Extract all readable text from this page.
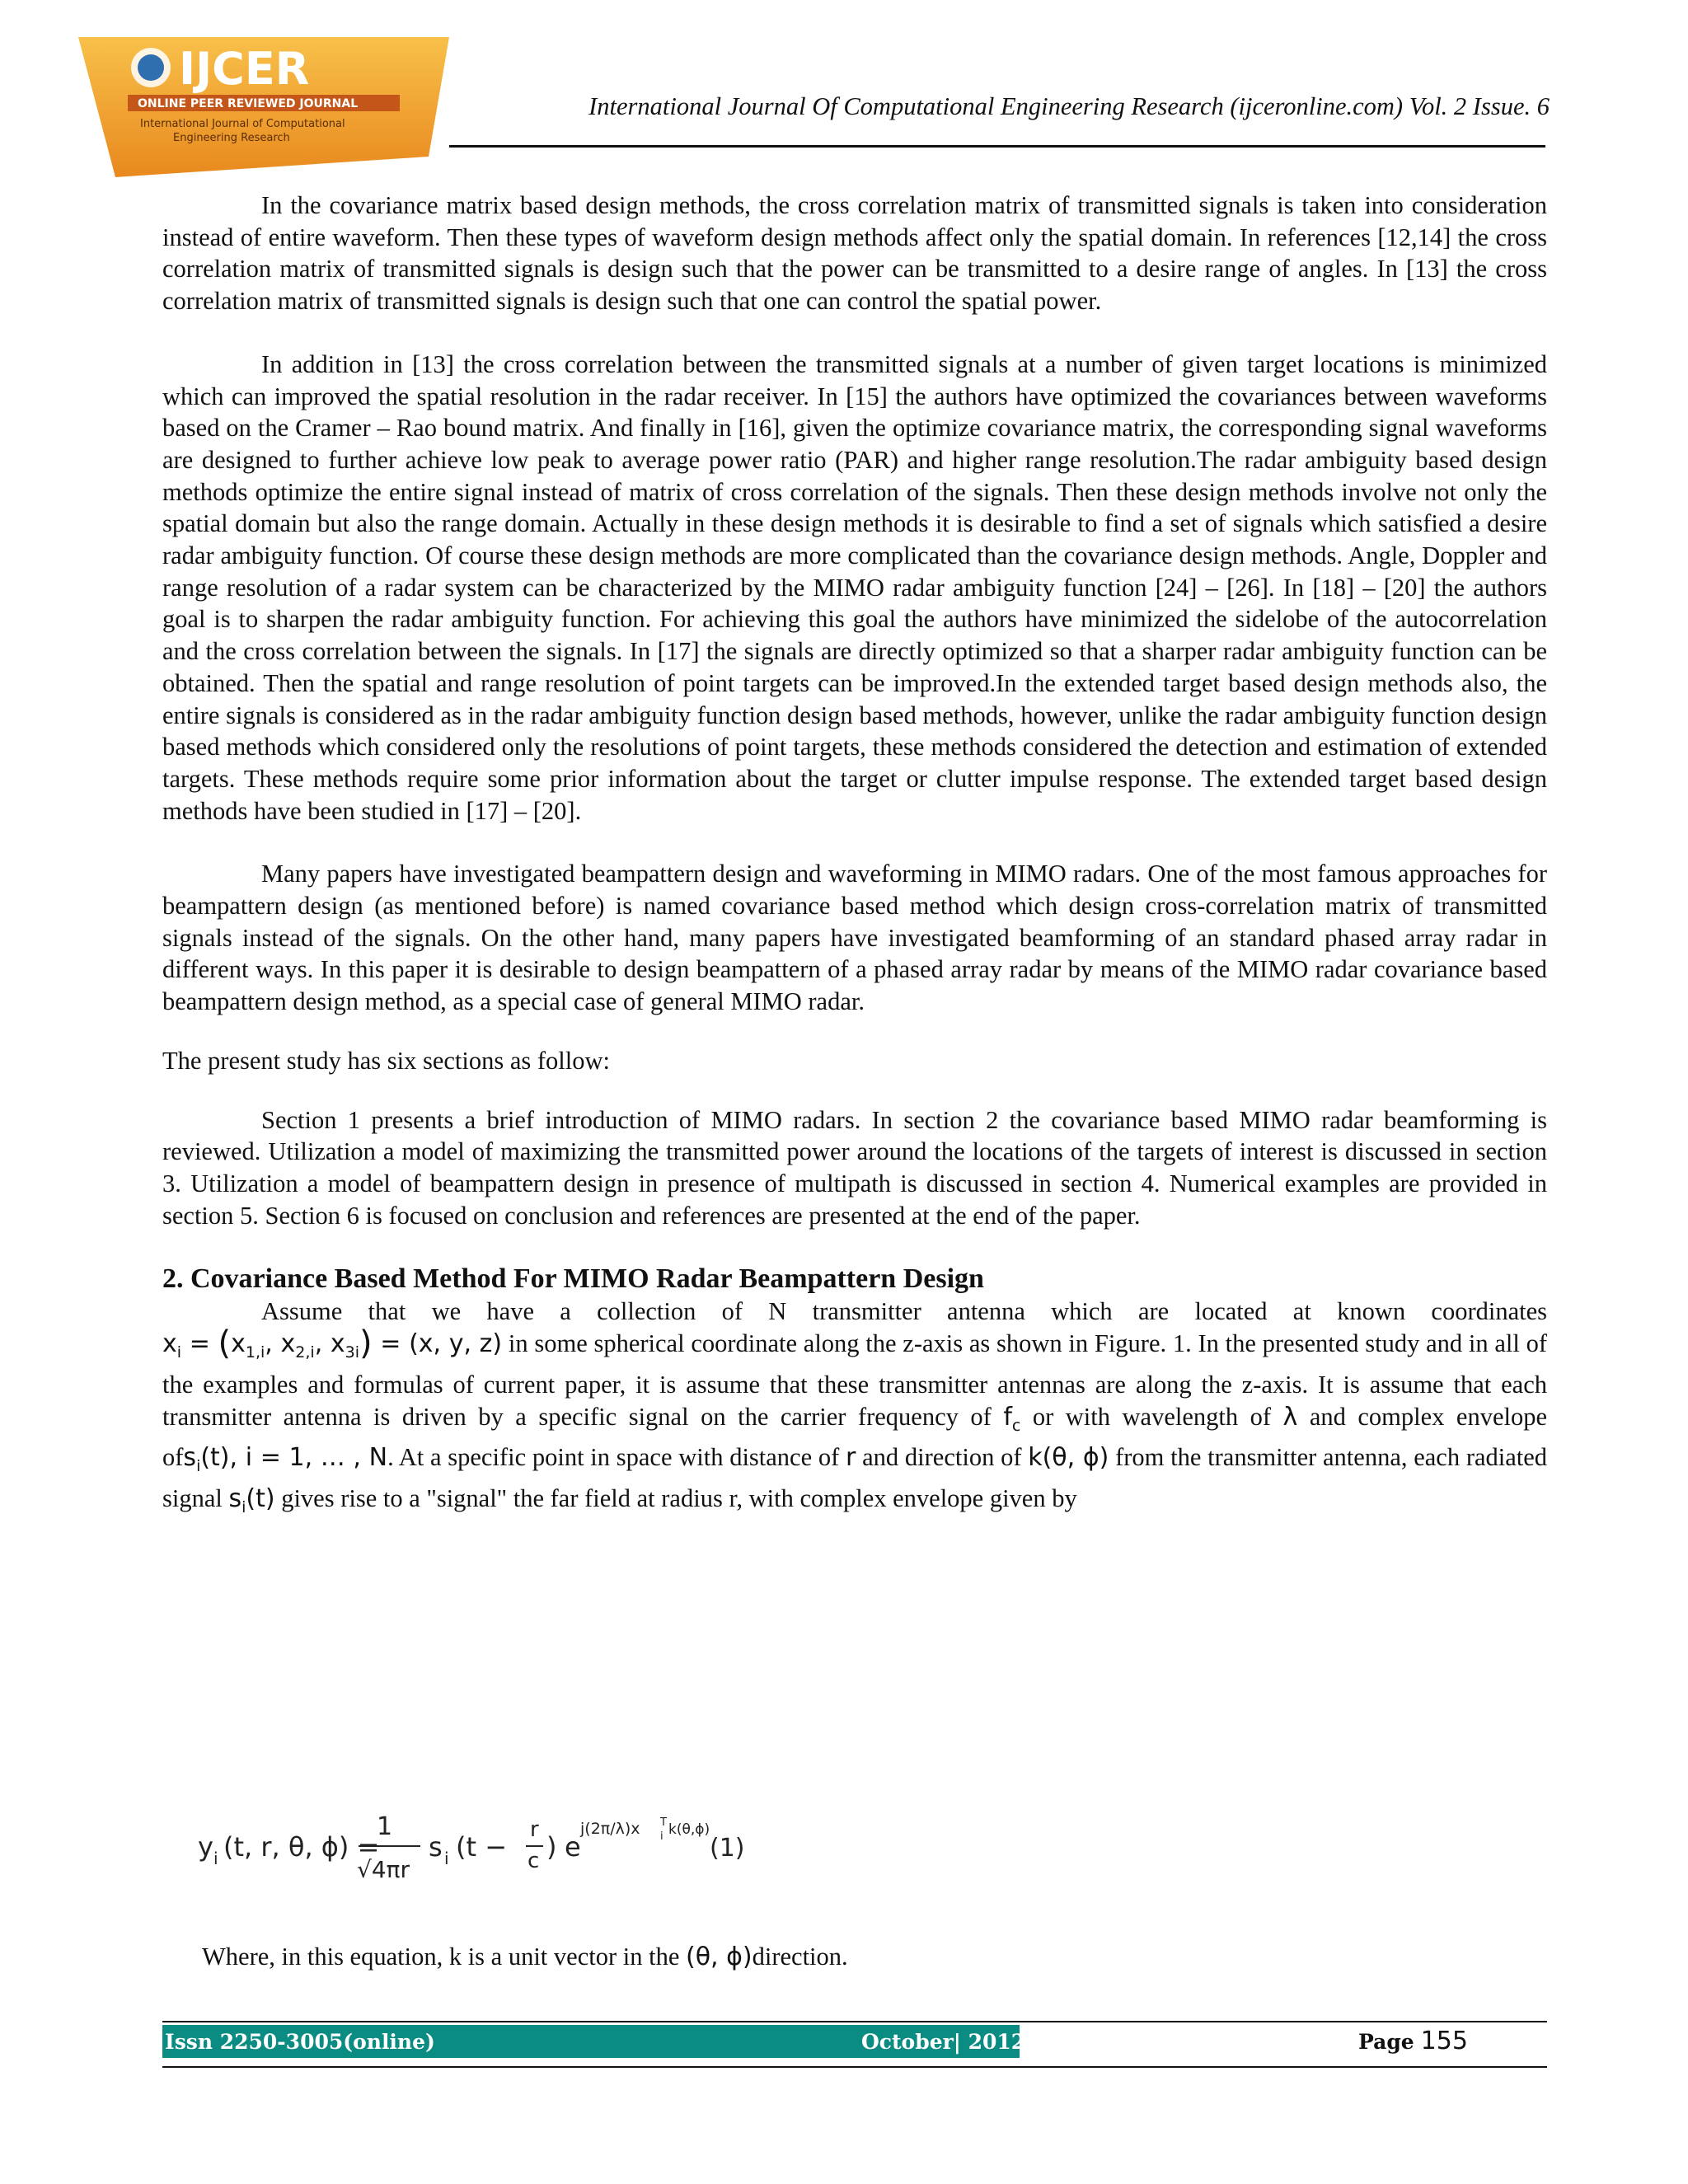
IJCER
ONLINE PEER REVIEWED JOURNAL
International Journal of Computational
Engineering Research
International Journal Of Computational Engineering Research (ijceronline.com) Vol. 2 Issue. 6

In the covariance matrix based design methods, the cross correlation matrix of transmitted signals is taken into consideration instead of entire waveform. Then these types of waveform design methods affect only the spatial domain. In references [12,14] the cross correlation matrix of transmitted signals is design such that the power can be transmitted to a desire range of angles. In [13] the cross correlation matrix of transmitted signals is design such that one can control the spatial power.

In addition in [13] the cross correlation between the transmitted signals at a number of given target locations is minimized which can improved the spatial resolution in the radar receiver. In [15] the authors have optimized the covariances between waveforms based on the Cramer – Rao bound matrix. And finally in [16], given the optimize covariance matrix, the corresponding signal waveforms are designed to further achieve low peak to average power ratio (PAR) and higher range resolution.The radar ambiguity based design methods optimize the entire signal instead of matrix of cross correlation of the signals. Then these design methods involve not only the spatial domain but also the range domain. Actually in these design methods it is desirable to find a set of signals which satisfied a desire radar ambiguity function. Of course these design methods are more complicated than the covariance design methods. Angle, Doppler and range resolution of a radar system can be characterized by the MIMO radar ambiguity function [24] – [26]. In [18] – [20] the authors goal is to sharpen the radar ambiguity function. For achieving this goal the authors have minimized the sidelobe of the autocorrelation and the cross correlation between the signals. In [17] the signals are directly optimized so that a sharper radar ambiguity function can be obtained. Then the spatial and range resolution of point targets can be improved.In the extended target based design methods also, the entire signals is considered as in the radar ambiguity function design based methods, however, unlike the radar ambiguity function design based methods which considered only the resolutions of point targets, these methods considered the detection and estimation of extended targets. These methods require some prior information about the target or clutter impulse response. The extended target based design methods have been studied in [17] – [20].

Many papers have investigated beampattern design and waveforming in MIMO radars. One of the most famous approaches for beampattern design (as mentioned before) is named covariance based method which design cross-correlation matrix of transmitted signals instead of the signals. On the other hand, many papers have investigated beamforming of an standard phased array radar in different ways. In this paper it is desirable to design beampattern of a phased array radar by means of the MIMO radar covariance based beampattern design method, as a special case of general MIMO radar.

The present study has six sections as follow:

Section 1 presents a brief introduction of MIMO radars. In section 2 the covariance based MIMO radar beamforming is reviewed. Utilization a model of maximizing the transmitted power around the locations of the targets of interest is discussed in section 3. Utilization a model of beampattern design in presence of multipath is discussed in section 4. Numerical examples are provided in section 5. Section 6 is focused on conclusion and references are presented at the end of the paper.

2. Covariance Based Method For MIMO Radar Beampattern Design

Assume that we have a collection of N transmitter antenna which are located at known coordinates $x_i = (x_{1,i}$, $x_{2,i}$, $x_{3i}) = (x$, y, z) in some spherical coordinate along the z-axis as shown in Figure. 1. In the presented study and in all of the examples and formulas of current paper, it is assume that these transmitter antennas are along the z-axis. It is assume that each transmitter antenna is driven by a specific signal on the carrier frequency of $f_c$ or with wavelength of λ and complex envelope ofs$_i$(t), i = 1, … , N. At a specific point in space with distance of r and direction of k(θ, ϕ) from the transmitter antenna, each radiated signal $s_i(t)$ gives rise to a "signal" the far field at radius r, with complex envelope given by

y i (t, r, θ, ϕ) =
1
√4πr
s i (t −
r
c ) e
j(2π/λ)x i
T k(θ,ϕ)
(1)
Where, in this equation, k is a unit vector in the (θ, ϕ)direction.
Issn 2250-3005(online)	October| 2012	Page 155
